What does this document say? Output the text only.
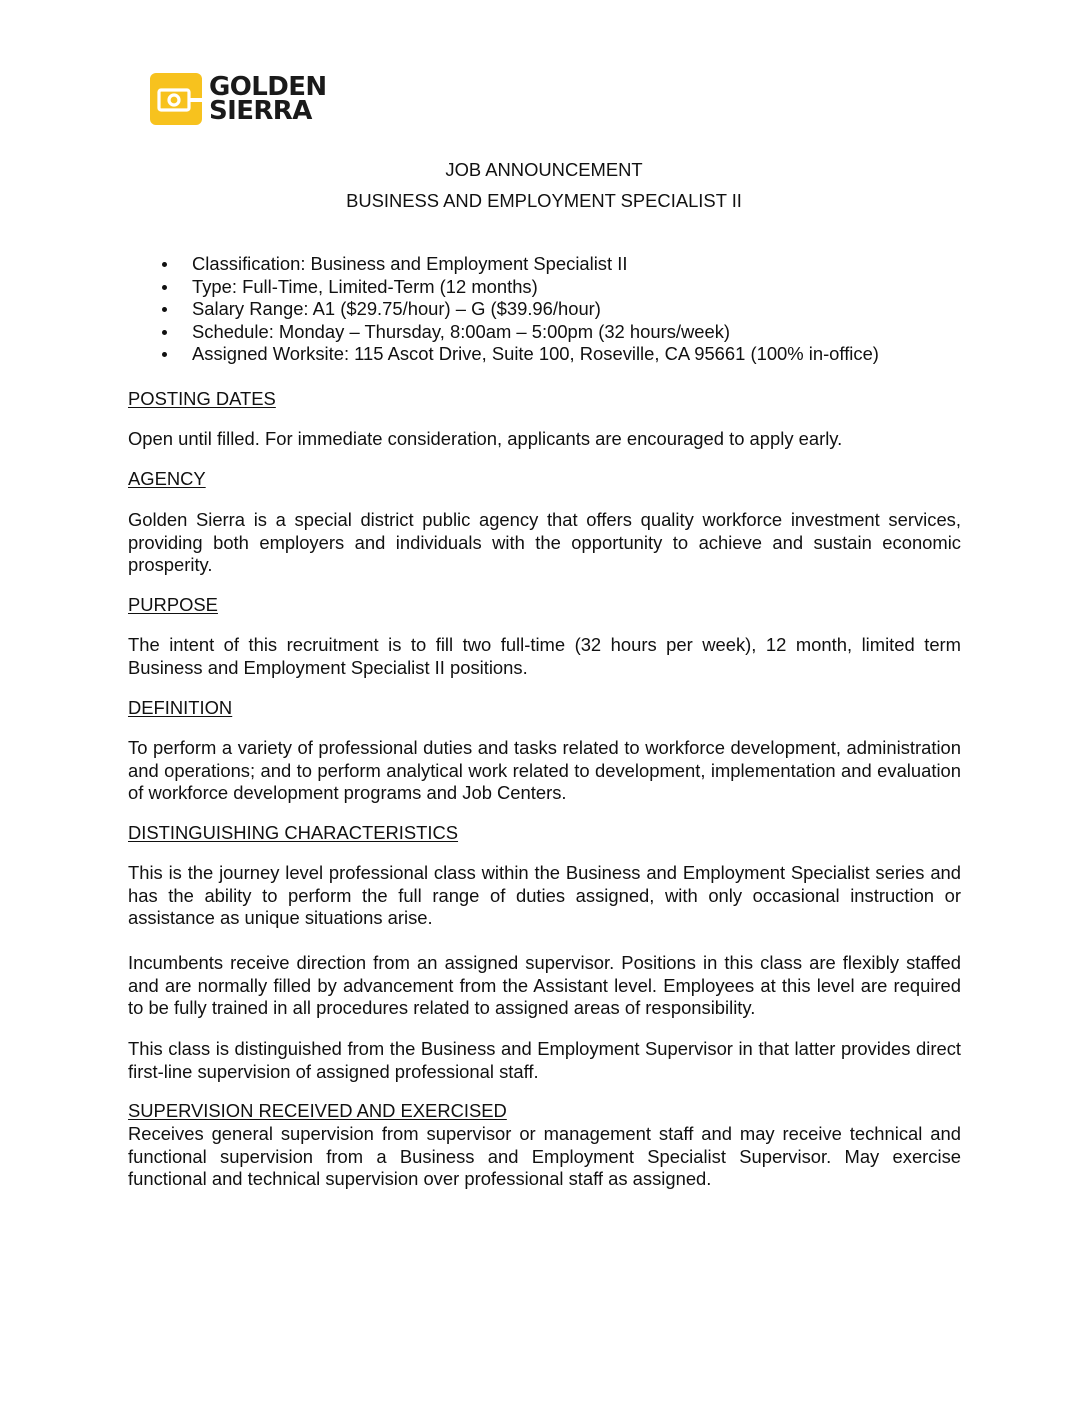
GOLDEN
SIERRA
JOB ANNOUNCEMENT
BUSINESS AND EMPLOYMENT SPECIALIST II
Classification: Business and Employment Specialist II
Type: Full-Time, Limited-Term (12 months)
Salary Range: A1 ($29.75/hour) – G ($39.96/hour)
Schedule: Monday – Thursday, 8:00am – 5:00pm (32 hours/week)
Assigned Worksite: 115 Ascot Drive, Suite 100, Roseville, CA 95661 (100% in-office)
POSTING DATES

Open until filled. For immediate consideration, applicants are encouraged to apply early.

AGENCY

Golden Sierra is a special district public agency that offers quality workforce investment services, providing both employers and individuals with the opportunity to achieve and sustain economic prosperity.

PURPOSE

The intent of this recruitment is to fill two full-time (32 hours per week), 12 month, limited term Business and Employment Specialist II positions.

DEFINITION

To perform a variety of professional duties and tasks related to workforce development, administration and operations; and to perform analytical work related to development, implementation and evaluation of workforce development programs and Job Centers.

DISTINGUISHING CHARACTERISTICS

This is the journey level professional class within the Business and Employment Specialist series and has the ability to perform the full range of duties assigned, with only occasional instruction or assistance as unique situations arise.

Incumbents receive direction from an assigned supervisor. Positions in this class are flexibly staffed and are normally filled by advancement from the Assistant level. Employees at this level are required to be fully trained in all procedures related to assigned areas of responsibility.

This class is distinguished from the Business and Employment Supervisor in that latter provides direct first-line supervision of assigned professional staff.

SUPERVISION RECEIVED AND EXERCISED

Receives general supervision from supervisor or management staff and may receive technical and functional supervision from a Business and Employment Specialist Supervisor. May exercise functional and technical supervision over professional staff as assigned.
